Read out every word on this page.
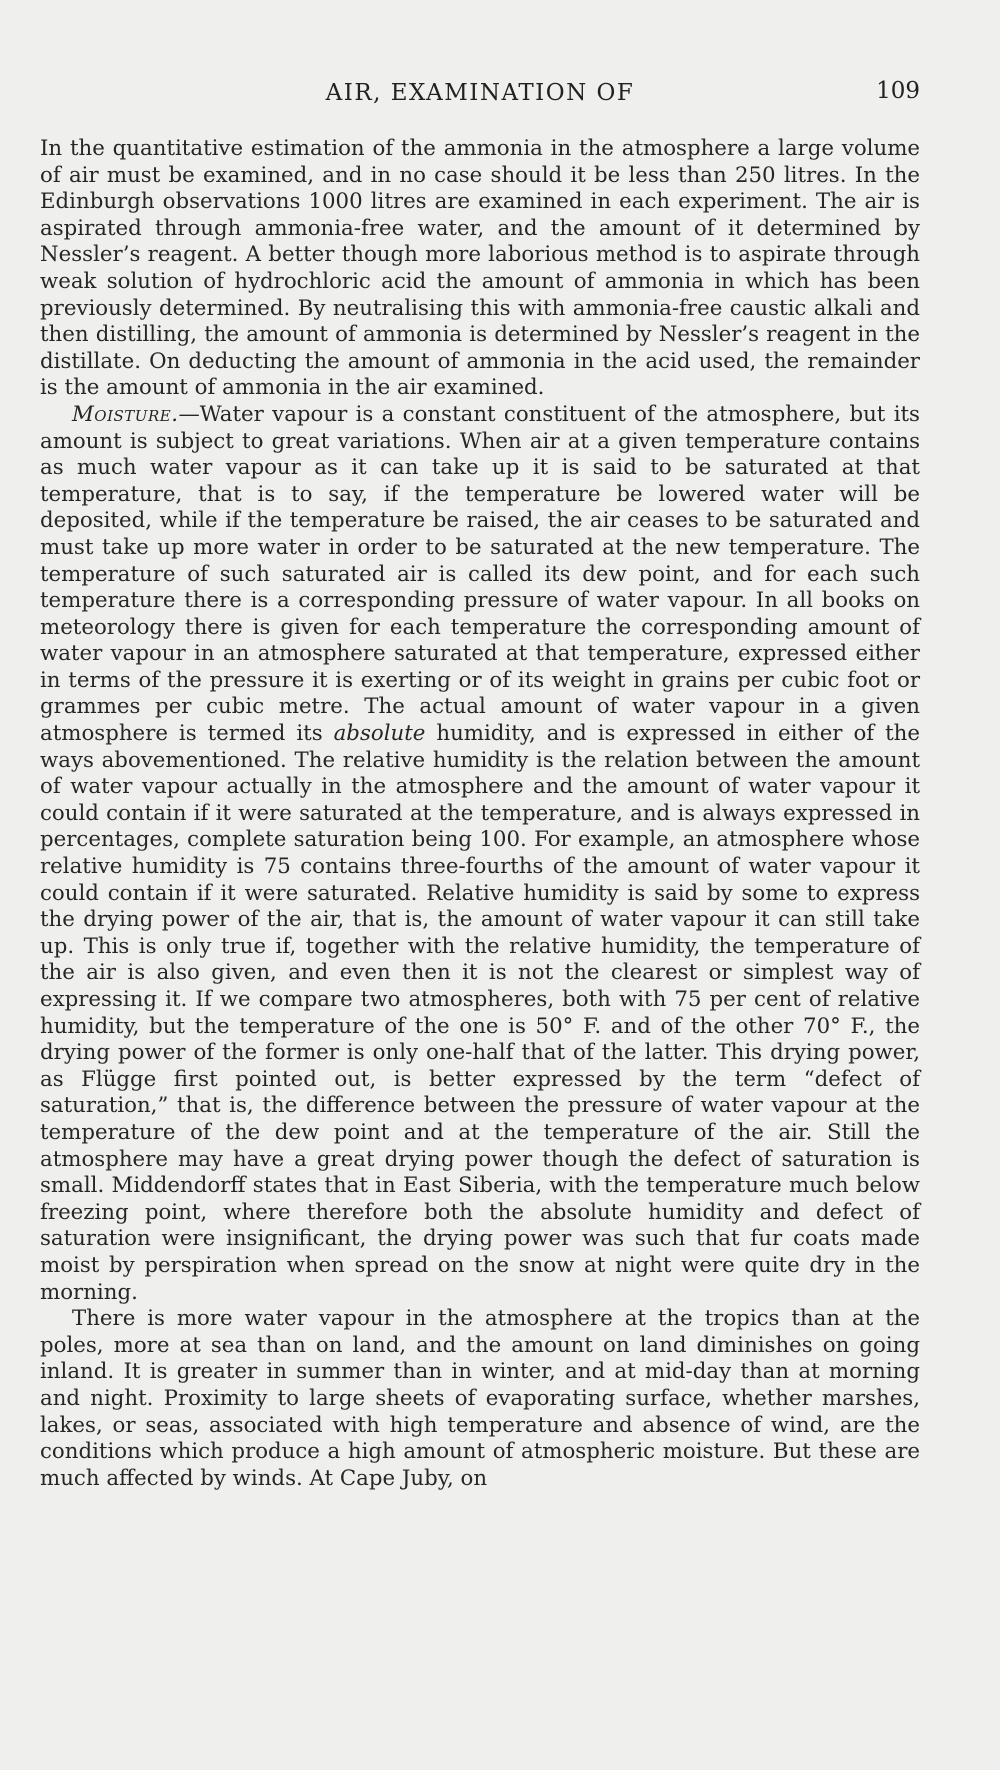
AIR, EXAMINATION OF	109

In the quantitative estimation of the ammonia in the atmosphere a large volume of air must be examined, and in no case should it be less than 250 litres. In the Edinburgh observations 1000 litres are examined in each experiment. The air is aspirated through ammonia-free water, and the amount of it determined by Nessler’s reagent. A better though more laborious method is to aspirate through weak solution of hydrochloric acid the amount of ammonia in which has been previously determined. By neutralising this with ammonia-free caustic alkali and then distilling, the amount of ammonia is determined by Nessler’s reagent in the distillate. On deducting the amount of ammonia in the acid used, the remainder is the amount of ammonia in the air examined.

Moisture.—Water vapour is a constant constituent of the atmosphere, but its amount is subject to great variations. When air at a given temperature contains as much water vapour as it can take up it is said to be saturated at that temperature, that is to say, if the temperature be lowered water will be deposited, while if the temperature be raised, the air ceases to be saturated and must take up more water in order to be saturated at the new temperature. The temperature of such saturated air is called its dew point, and for each such temperature there is a corresponding pressure of water vapour. In all books on meteorology there is given for each temperature the corresponding amount of water vapour in an atmosphere saturated at that temperature, expressed either in terms of the pressure it is exerting or of its weight in grains per cubic foot or grammes per cubic metre. The actual amount of water vapour in a given atmosphere is termed its absolute humidity, and is expressed in either of the ways abovementioned. The relative humidity is the relation between the amount of water vapour actually in the atmosphere and the amount of water vapour it could contain if it were saturated at the temperature, and is always expressed in percentages, complete saturation being 100. For example, an atmosphere whose relative humidity is 75 contains three-fourths of the amount of water vapour it could contain if it were saturated. Relative humidity is said by some to express the drying power of the air, that is, the amount of water vapour it can still take up. This is only true if, together with the relative humidity, the temperature of the air is also given, and even then it is not the clearest or simplest way of expressing it. If we compare two atmospheres, both with 75 per cent of relative humidity, but the temperature of the one is 50° F. and of the other 70° F., the drying power of the former is only one-half that of the latter. This drying power, as Flügge first pointed out, is better expressed by the term “defect of saturation,” that is, the difference between the pressure of water vapour at the temperature of the dew point and at the temperature of the air. Still the atmosphere may have a great drying power though the defect of saturation is small. Middendorff states that in East Siberia, with the temperature much below freezing point, where therefore both the absolute humidity and defect of saturation were insignificant, the drying power was such that fur coats made moist by perspiration when spread on the snow at night were quite dry in the morning.

There is more water vapour in the atmosphere at the tropics than at the poles, more at sea than on land, and the amount on land diminishes on going inland. It is greater in summer than in winter, and at mid-day than at morning and night. Proximity to large sheets of evaporating surface, whether marshes, lakes, or seas, associated with high temperature and absence of wind, are the conditions which produce a high amount of atmospheric moisture. But these are much affected by winds. At Cape Juby, on
